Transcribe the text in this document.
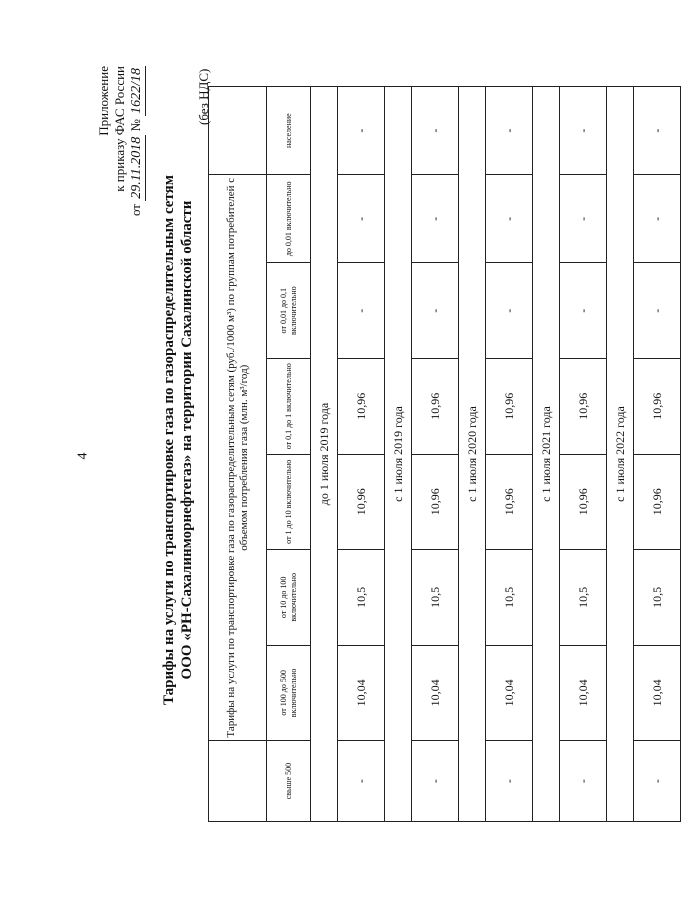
4
Приложение к приказу ФАС России
от 29.11.2018 № 1622/18
Тарифы на услуги по транспортировке газа по газораспределительным сетям ООО «РН-Сахалинморнефтегаз» на территории Сахалинской области
(без НДС)
	Тарифы на услуги по транспортировке газа по газораспределительным сетям (руб./1000 м³) по группам потребителей с объемом потребления газа (млн. м³/год)						
свыше 500	от 100 до 500 включительно	от 10 до 100 включительно	от 1 до 10 включительно	от 0,1 до 1 включительно	от 0,01 до 0,1 включительно	до 0,01 включительно	население
до 1 июля 2019 года							
-	10,04	10,5	10,96	10,96	-	-	-
с 1 июля 2019 года							
-	10,04	10,5	10,96	10,96	-	-	-
с 1 июля 2020 года							
-	10,04	10,5	10,96	10,96	-	-	-
с 1 июля 2021 года							
-	10,04	10,5	10,96	10,96	-	-	-
с 1 июля 2022 года							
-	10,04	10,5	10,96	10,96	-	-	-
